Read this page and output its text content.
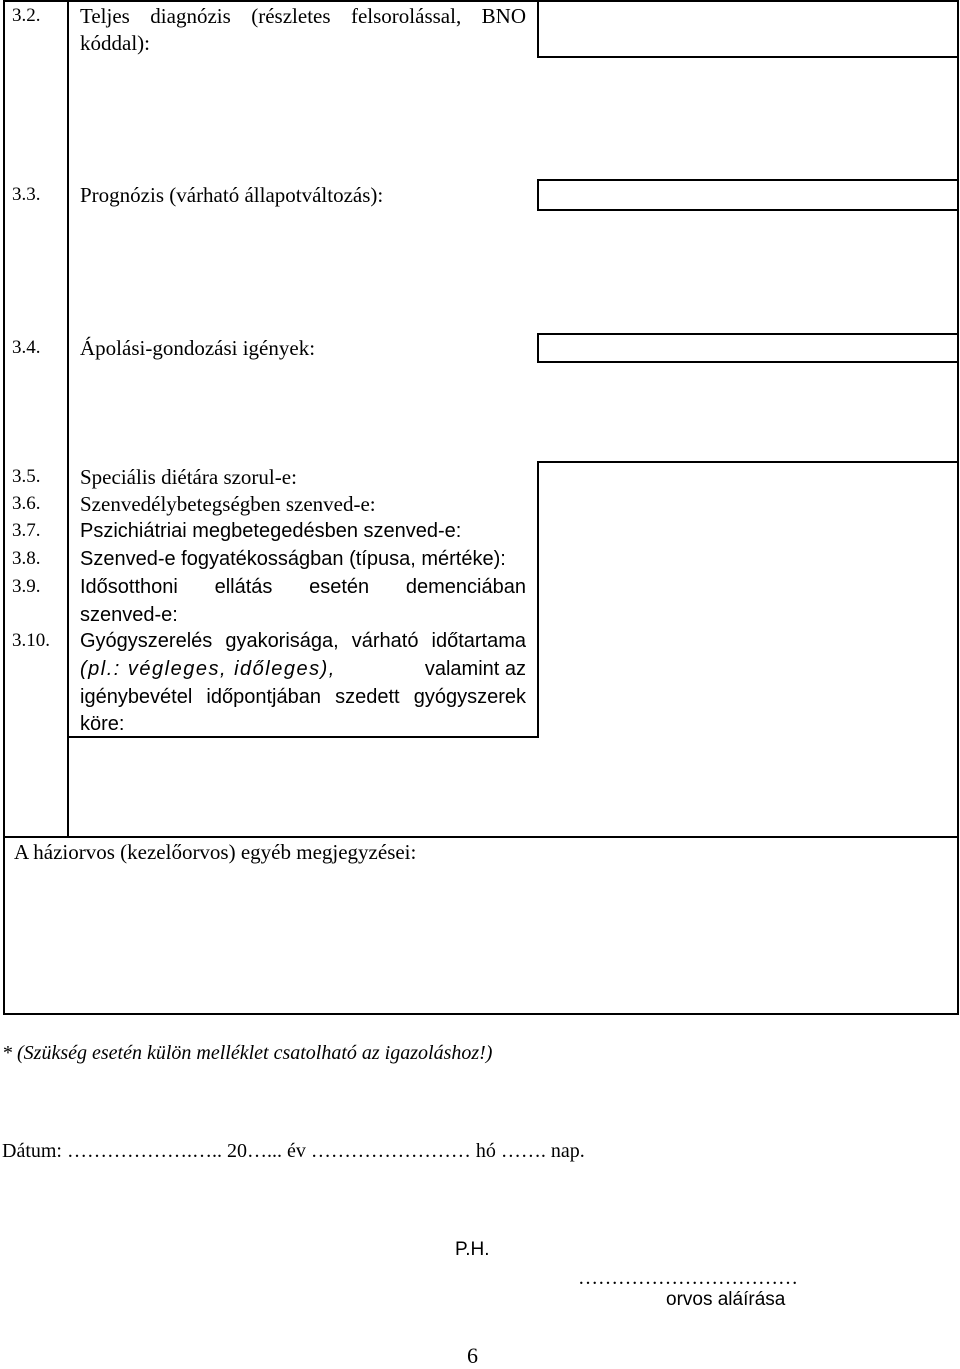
3.2. Teljes diagnózis (részletes felsorolással, BNO
kóddal):
3.3. Prognózis (várható állapotváltozás):
3.4. Ápolási-gondozási igények:
3.5. Speciális diétára szorul-e:
3.6. Szenvedélybetegségben szenved-e:
3.7. Pszichiátriai megbetegedésben szenved-e:
3.8. Szenved-e fogyatékosságban (típusa, mértéke):
3.9. Idősotthoni ellátás esetén demenciában
szenved-e:
3.10. Gyógyszerelés gyakorisága, várható időtartama
(pl.: végleges, időleges),	valamint az
igénybevétel időpontjában szedett gyógyszerek
köre:
A háziorvos (kezelőorvos) egyéb megjegyzései:
* (Szükség esetén külön melléklet csatolható az igazoláshoz!)
Dátum: ……………….….. 20…... év …………………… hó ……. nap.
P.H.
……………………………
orvos aláírása
6
